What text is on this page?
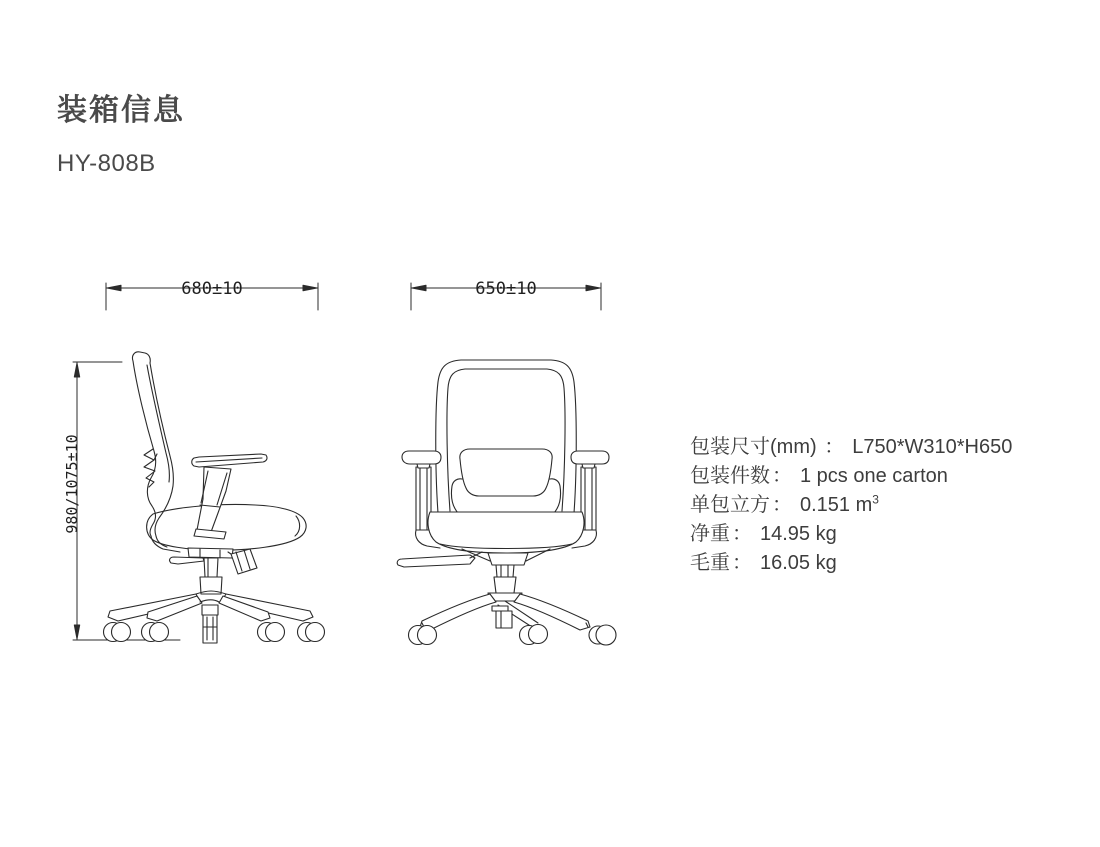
装箱信息
HY-808B
680±10	650±10
980/1075±10	包装尺寸(mm) ： L750*W310*H650
包装件数 ： 1 pcs one carton
单包立方 ： 0.151 $m^3$
净重 ： 14.95 kg
毛重 ： 16.05 kg
